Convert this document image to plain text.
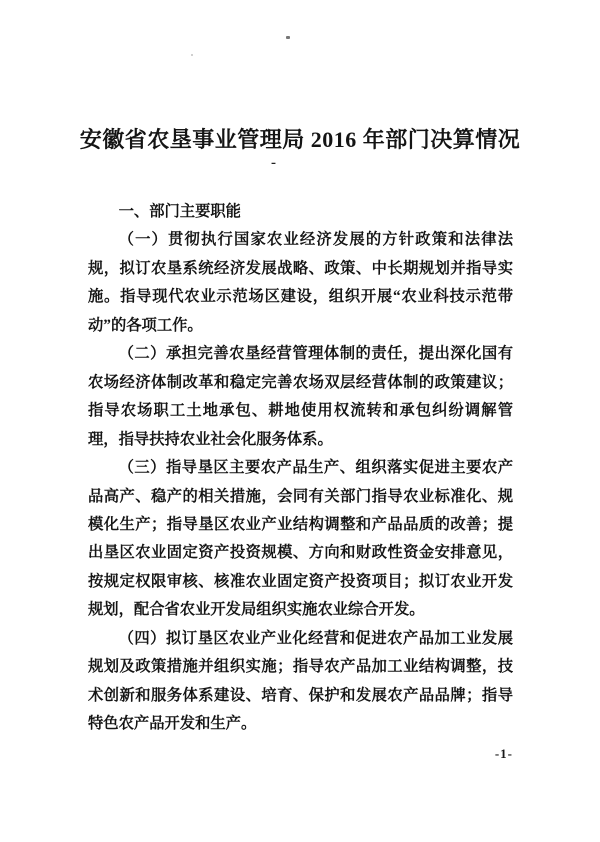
安徽省农垦事业管理局 2016 年部门决算情况
-
一、部门主要职能

（一）贯彻执行国家农业经济发展的方针政策和法律法规，拟订农垦系统经济发展战略、政策、中长期规划并指导实施。指导现代农业示范场区建设，组织开展“农业科技示范带动”的各项工作。

（二）承担完善农垦经营管理体制的责任，提出深化国有农场经济体制改革和稳定完善农场双层经营体制的政策建议；指导农场职工土地承包、耕地使用权流转和承包纠纷调解管理，指导扶持农业社会化服务体系。

（三）指导垦区主要农产品生产、组织落实促进主要农产品高产、稳产的相关措施，会同有关部门指导农业标准化、规模化生产；指导垦区农业产业结构调整和产品品质的改善；提出垦区农业固定资产投资规模、方向和财政性资金安排意见，按规定权限审核、核准农业固定资产投资项目；拟订农业开发规划，配合省农业开发局组织实施农业综合开发。

（四）拟订垦区农业产业化经营和促进农产品加工业发展规划及政策措施并组织实施；指导农产品加工业结构调整，技术创新和服务体系建设、培育、保护和发展农产品品牌；指导特色农产品开发和生产。

-1-
